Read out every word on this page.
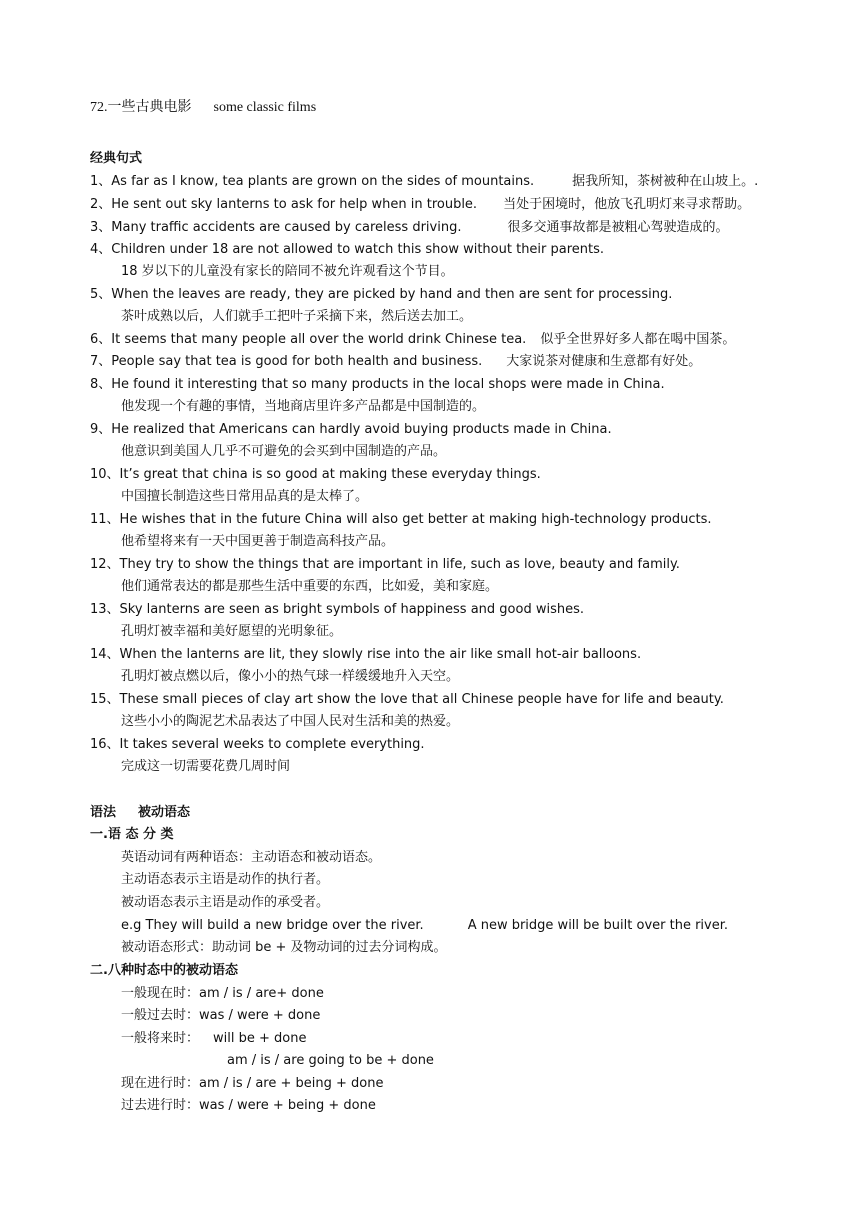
72.一些古典电影 some classic films
经典句式
1、As far as I know, tea plants are grown on the sides of mountains.	据我所知，茶树被种在山坡上。.
2、He sent out sky lanterns to ask for help when in trouble. 当处于困境时，他放飞孔明灯来寻求帮助。
3、Many traffic accidents are caused by careless driving.	很多交通事故都是被粗心驾驶造成的。
4、Children under 18 are not allowed to watch this show without their parents.
18 岁以下的儿童没有家长的陪同不被允许观看这个节目。
5、When the leaves are ready, they are picked by hand and then are sent for processing.
茶叶成熟以后，人们就手工把叶子采摘下来，然后送去加工。
6、It seems that many people all over the world drink Chinese tea. 似乎全世界好多人都在喝中国茶。
7、People say that tea is good for both health and business. 大家说茶对健康和生意都有好处。
8、He found it interesting that so many products in the local shops were made in China.
他发现一个有趣的事情，当地商店里许多产品都是中国制造的。
9、He realized that Americans can hardly avoid buying products made in China.
他意识到美国人几乎不可避免的会买到中国制造的产品。
10、It’s great that china is so good at making these everyday things.
中国擅长制造这些日常用品真的是太棒了。
11、He wishes that in the future China will also get better at making high-technology products.
他希望将来有一天中国更善于制造高科技产品。
12、They try to show the things that are important in life, such as love, beauty and family.
他们通常表达的都是那些生活中重要的东西，比如爱，美和家庭。
13、Sky lanterns are seen as bright symbols of happiness and good wishes.
孔明灯被幸福和美好愿望的光明象征。
14、When the lanterns are lit, they slowly rise into the air like small hot-air balloons.
孔明灯被点燃以后，像小小的热气球一样缓缓地升入天空。
15、These small pieces of clay art show the love that all Chinese people have for life and beauty.
这些小小的陶泥艺术品表达了中国人民对生活和美的热爱。
16、It takes several weeks to complete everything.
完成这一切需要花费几周时间
语法 被动语态
一.语 态 分 类
英语动词有两种语态：主动语态和被动语态。
主动语态表示主语是动作的执行者。
被动语态表示主语是动作的承受者。
e.g They will build a new bridge over the river.	A new bridge will be built over the river.
被动语态形式：助动词 be + 及物动词的过去分词构成。
二.八种时态中的被动语态
一般现在时：am / is / are+ done
一般过去时：was / were + done
一般将来时： will be + done
am / is / are going to be + done
现在进行时：am / is / are + being + done
过去进行时：was / were + being + done
